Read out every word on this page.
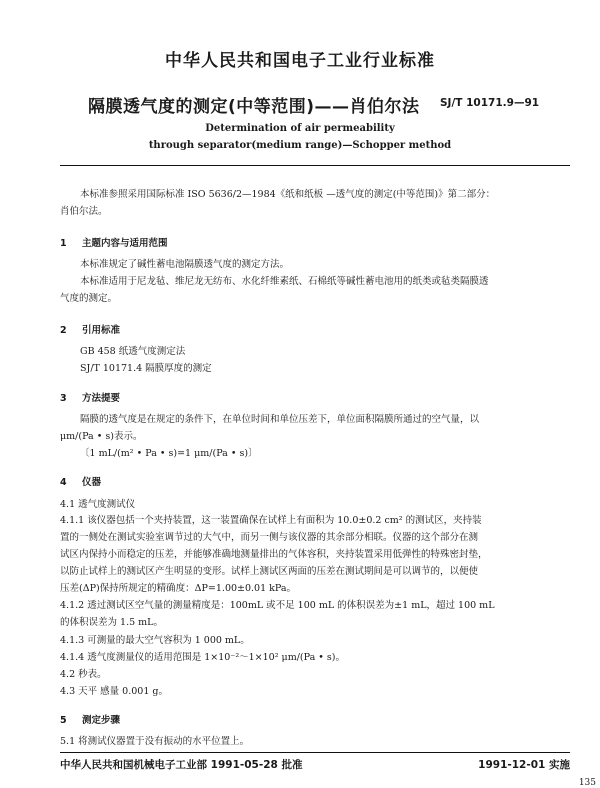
中华人民共和国电子工业行业标准
隔膜透气度的测定(中等范围)——肖伯尔法 SJ/T 10171.9—91
Determination of air permeability
through separator(medium range)—Schopper method
本标准参照采用国际标准 ISO 5636/2—1984《纸和纸板 —透气度的测定(中等范围)》第二部分：
肖伯尔法。
1 主题内容与适用范围
本标准规定了碱性蓄电池隔膜透气度的测定方法。
本标准适用于尼龙毡、维尼龙无纺布、水化纤维素纸、石棉纸等碱性蓄电池用的纸类或毡类隔膜透
气度的测定。
2 引用标准
GB 458 纸透气度测定法
SJ/T 10171.4 隔膜厚度的测定
3 方法提要
隔膜的透气度是在规定的条件下，在单位时间和单位压差下，单位面积隔膜所通过的空气量，以
μm/(Pa • s)表示。
〔1 mL/(m² • Pa • s)=1 μm/(Pa • s)〕
4 仪器
4.1 透气度测试仪
4.1.1 该仪器包括一个夹持装置，这一装置确保在试样上有面积为 10.0±0.2 cm² 的测试区，夹持装
置的一侧处在测试实验室调节过的大气中，而另一侧与该仪器的其余部分相联。仪器的这个部分在测
试区内保持小而稳定的压差，并能够准确地测量排出的气体容积，夹持装置采用低弹性的特殊密封垫，
以防止试样上的测试区产生明显的变形。试样上测试区两面的压差在测试期间是可以调节的，以便使
压差(ΔP)保持所规定的精确度：ΔP=1.00±0.01 kPa。
4.1.2 透过测试区空气量的测量精度是：100mL 或不足 100 mL 的体积误差为±1 mL，超过 100 mL
的体积误差为 1.5 mL。
4.1.3 可测量的最大空气容积为 1 000 mL。
4.1.4 透气度测量仪的适用范围是 1×10⁻²～1×10² μm/(Pa • s)。
4.2 秒表。
4.3 天平 感量 0.001 g。
5 测定步骤
5.1 将测试仪器置于没有振动的水平位置上。
中华人民共和国机械电子工业部 1991-05-28 批准	1991-12-01 实施
135
